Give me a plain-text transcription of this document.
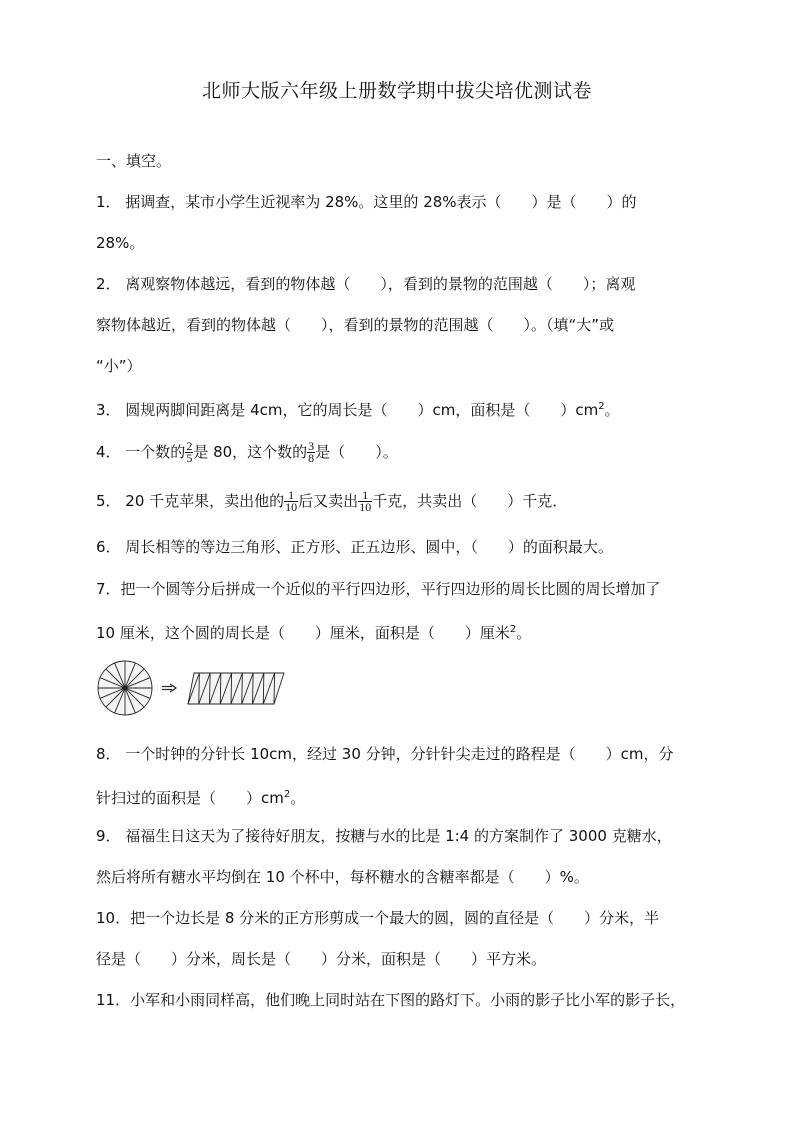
北师大版六年级上册数学期中拔尖培优测试卷
一、填空。
1． 据调查，某市小学生近视率为 28%。这里的 28%表示（ ）是（ ）的
28%。
2． 离观察物体越远，看到的物体越（ ），看到的景物的范围越（ ）；离观
察物体越近，看到的物体越（ ），看到的景物的范围越（ ）。（填“大”或
“小”）
3． 圆规两脚间距离是 4cm，它的周长是（ ）cm，面积是（ ）$cm^2$。
4． 一个数的 $\frac{2}{5}$ 是 80，这个数的 $\frac{3}{8}$ 是（ ）。
5． 20 千克苹果，卖出他的 $\frac{1}{10}$ 后又卖出 $\frac{1}{10}$ 千克，共卖出（ ）千克．
6． 周长相等的等边三角形、正方形、正五边形、圆中，（ ）的面积最大。
7．把一个圆等分后拼成一个近似的平行四边形，平行四边形的周长比圆的周长增加了
10 厘米，这个圆的周长是（ ）厘米，面积是（ ）厘米$^2$。
8． 一个时钟的分针长 10cm，经过 30 分钟，分针针尖走过的路程是（ ）cm，分
针扫过的面积是（ ）$cm^2$。
9． 福福生日这天为了接待好朋友，按糖与水的比是 1:4 的方案制作了 3000 克糖水，
然后将所有糖水平均倒在 10 个杯中，每杯糖水的含糖率都是（ ）%。
10．把一个边长是 8 分米的正方形剪成一个最大的圆，圆的直径是（ ）分米，半
径是（ ）分米，周长是（ ）分米，面积是（ ）平方米。
11．小军和小雨同样高，他们晚上同时站在下图的路灯下。小雨的影子比小军的影子长，
